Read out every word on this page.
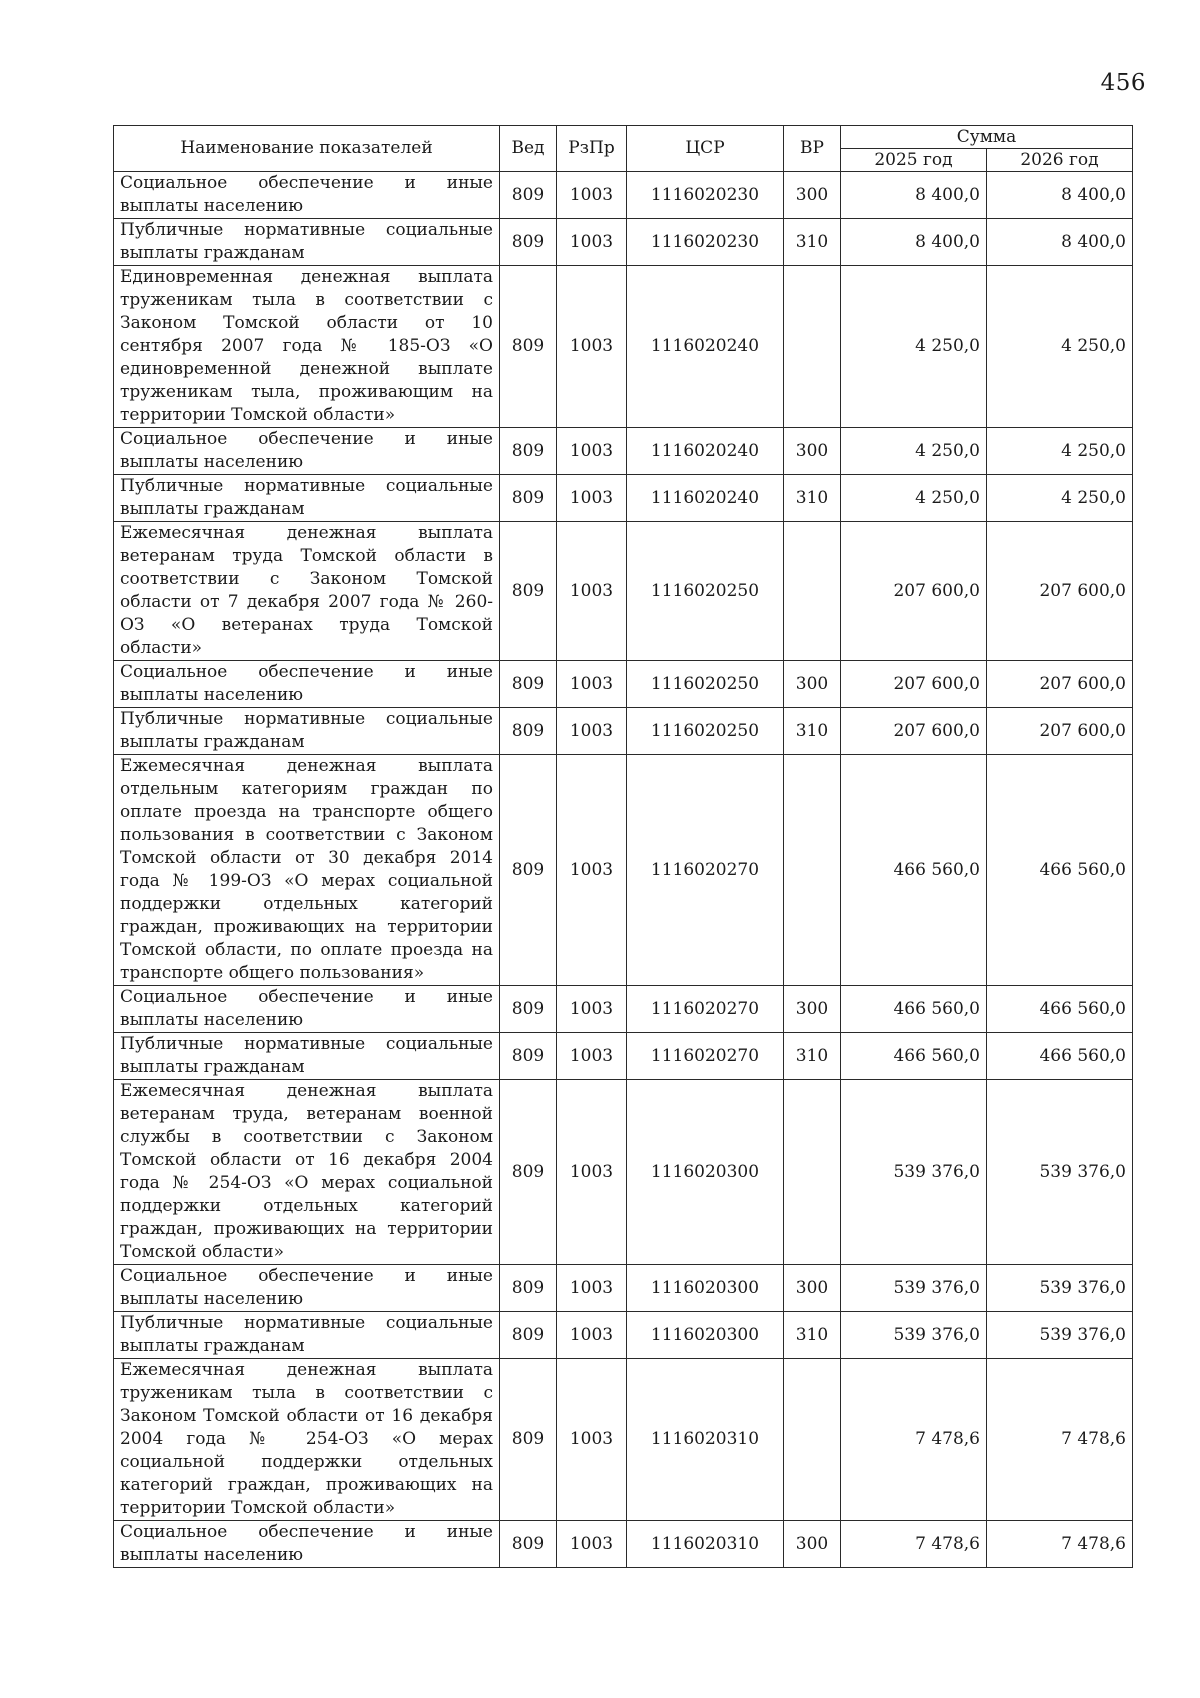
456
Наименование показателей	Вед	РзПр	ЦСР	ВР	Сумма	
					2025 год	2026 год
Социальное обеспечение и иные выплаты населению	809	1003	1116020230	300	8 400,0	8 400,0
Публичные нормативные социальные выплаты гражданам	809	1003	1116020230	310	8 400,0	8 400,0
Единовременная денежная выплата труженикам тыла в соответствии с Законом Томской области от 10 сентября 2007 года № 185-ОЗ «О единовременной денежной выплате труженикам тыла, проживающим на территории Томской области»	809	1003	1116020240		4 250,0	4 250,0
Социальное обеспечение и иные выплаты населению	809	1003	1116020240	300	4 250,0	4 250,0
Публичные нормативные социальные выплаты гражданам	809	1003	1116020240	310	4 250,0	4 250,0
Ежемесячная денежная выплата ветеранам труда Томской области в соответствии с Законом Томской области от 7 декабря 2007 года № 260-ОЗ «О ветеранах труда Томской области»	809	1003	1116020250		207 600,0	207 600,0
Социальное обеспечение и иные выплаты населению	809	1003	1116020250	300	207 600,0	207 600,0
Публичные нормативные социальные выплаты гражданам	809	1003	1116020250	310	207 600,0	207 600,0
Ежемесячная денежная выплата отдельным категориям граждан по оплате проезда на транспорте общего пользования в соответствии с Законом Томской области от 30 декабря 2014 года № 199-ОЗ «О мерах социальной поддержки отдельных категорий граждан, проживающих на территории Томской области, по оплате проезда на транспорте общего пользования»	809	1003	1116020270		466 560,0	466 560,0
Социальное обеспечение и иные выплаты населению	809	1003	1116020270	300	466 560,0	466 560,0
Публичные нормативные социальные выплаты гражданам	809	1003	1116020270	310	466 560,0	466 560,0
Ежемесячная денежная выплата ветеранам труда, ветеранам военной службы в соответствии с Законом Томской области от 16 декабря 2004 года № 254-ОЗ «О мерах социальной поддержки отдельных категорий граждан, проживающих на территории Томской области»	809	1003	1116020300		539 376,0	539 376,0
Социальное обеспечение и иные выплаты населению	809	1003	1116020300	300	539 376,0	539 376,0
Публичные нормативные социальные выплаты гражданам	809	1003	1116020300	310	539 376,0	539 376,0
Ежемесячная денежная выплата труженикам тыла в соответствии с Законом Томской области от 16 декабря 2004 года № 254-ОЗ «О мерах социальной поддержки отдельных категорий граждан, проживающих на территории Томской области»	809	1003	1116020310		7 478,6	7 478,6
Социальное обеспечение и иные выплаты населению	809	1003	1116020310	300	7 478,6	7 478,6
